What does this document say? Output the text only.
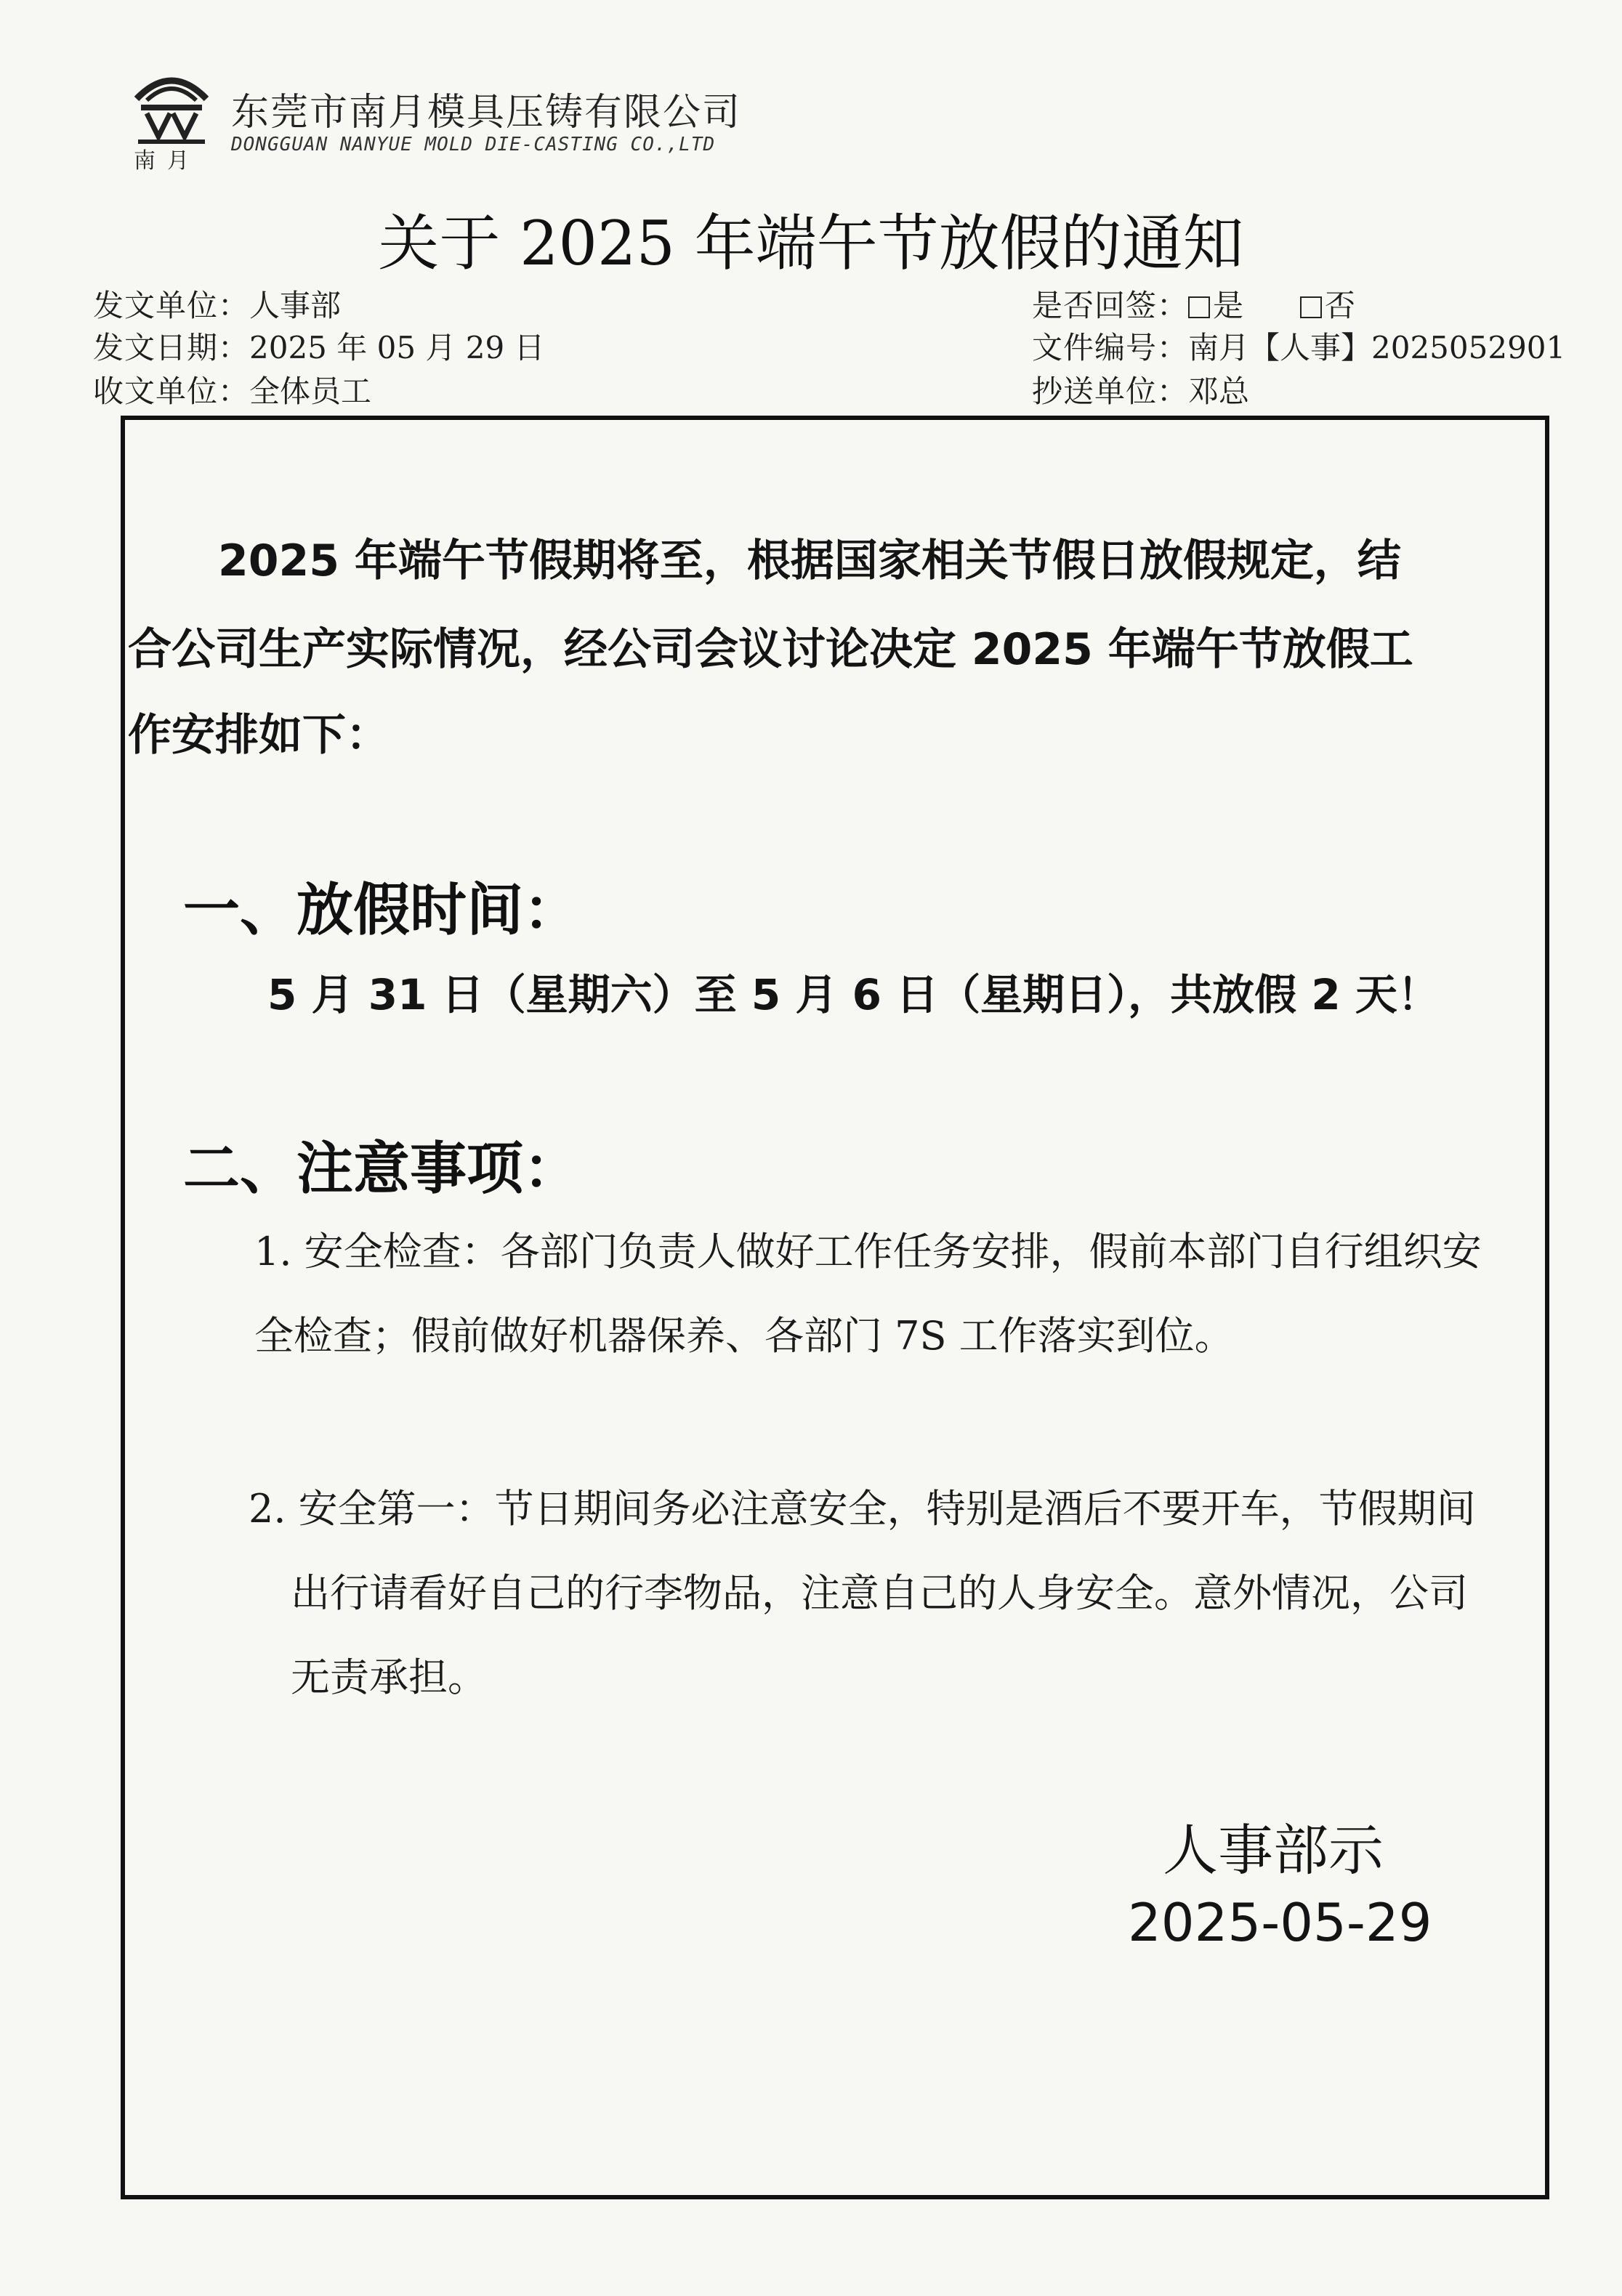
南月
东莞市南月模具压铸有限公司
DONGGUAN NANYUE MOLD DIE-CASTING CO.,LTD
关于 2025 年端午节放假的通知
发文单位：人事部
发文日期：2025 年 05 月 29 日
收文单位：全体员工
是否回签： 是	否
文件编号：南月【人事】2025052901
抄送单位：邓总
2025 年端午节假期将至，根据国家相关节假日放假规定，结
合公司生产实际情况，经公司会议讨论决定 2025 年端午节放假工
作安排如下：
一、放假时间：
5 月 31 日（星期六）至 5 月 6 日（星期日），共放假 2 天！
二、注意事项：
1. 安全检查：各部门负责人做好工作任务安排，假前本部门自行组织安
全检查；假前做好机器保养、各部门 7S 工作落实到位。
2. 安全第一：节日期间务必注意安全，特别是酒后不要开车，节假期间
出行请看好自己的行李物品，注意自己的人身安全。意外情况，公司
无责承担。
人事部示
2025-05-29
